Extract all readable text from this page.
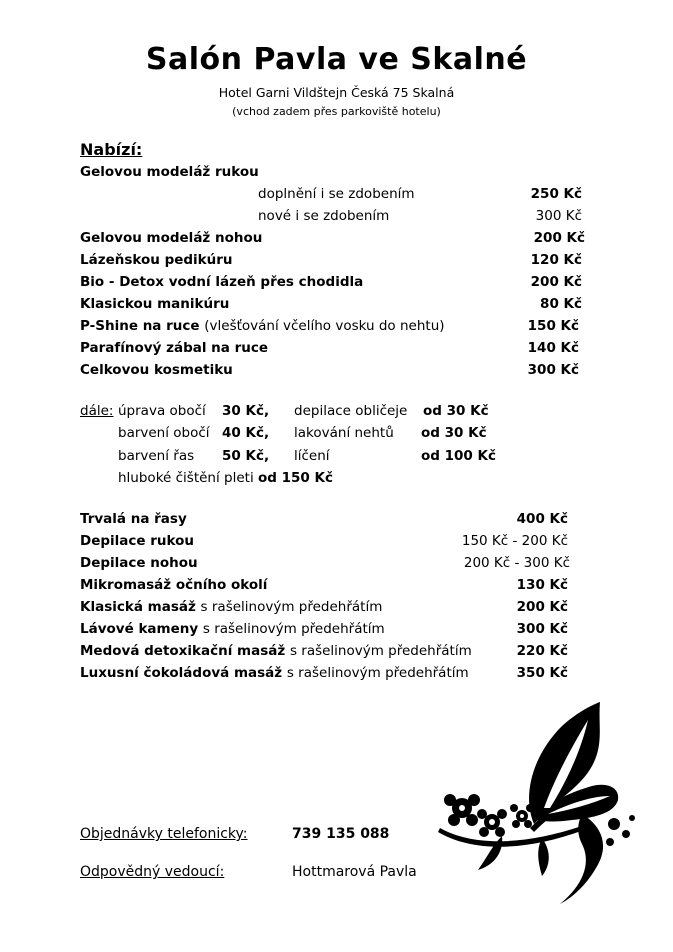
Salón Pavla ve Skalné
Hotel Garni Vildštejn Česká 75 Skalná
(vchod zadem přes parkoviště hotelu)
Nabízí:
Gelovou modeláž rukou
doplnění i se zdobením	250 Kč
nové i se zdobením	300 Kč
Gelovou modeláž nohou	200 Kč
Lázeňskou pedikúru	120 Kč
Bio - Detox vodní lázeň přes chodidla	200 Kč
Klasickou manikúru	80 Kč
P-Shine na ruce (vlešťování včelího vosku do nehtu)	150 Kč
Parafínový zábal na ruce	140 Kč
Celkovou kosmetiku	300 Kč
dále: úprava obočí 30 Kč, depilace obličeje od 30 Kč
barvení obočí 40 Kč, lakování nehtů od 30 Kč
barvení řas 50 Kč, líčení	od 100 Kč
hluboké čištění pleti od 150 Kč
Trvalá na řasy	400 Kč
Depilace rukou	150 Kč - 200 Kč
Depilace nohou	200 Kč - 300 Kč
Mikromasáž očního okolí	130 Kč
Klasická masáž s rašelinovým předehřátím	200 Kč
Lávové kameny s rašelinovým předehřátím	300 Kč
Medová detoxikační masáž s rašelinovým předehřátím	220 Kč
Luxusní čokoládová masáž s rašelinovým předehřátím	350 Kč
Objednávky telefonicky:	739 135 088
Odpovědný vedoucí:	Hottmarová Pavla
